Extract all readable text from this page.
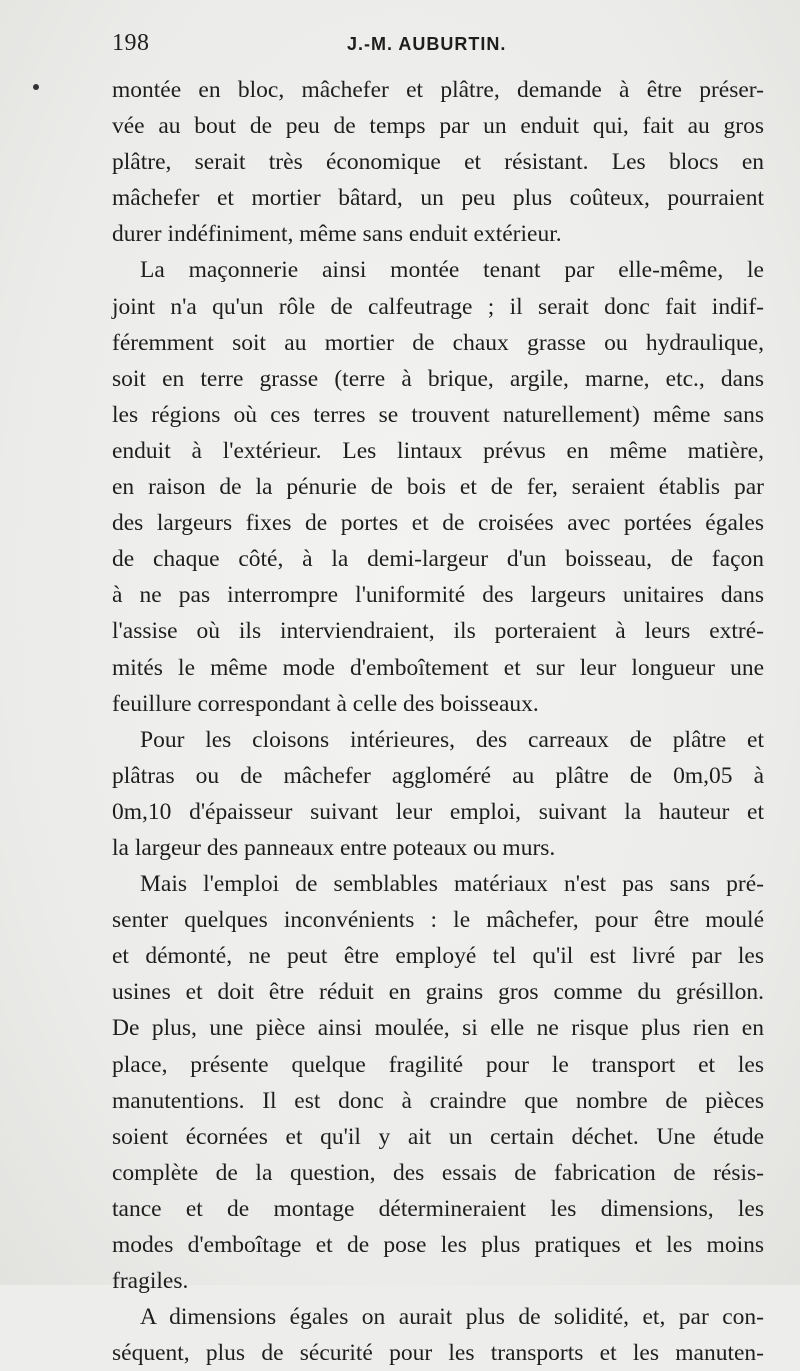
198	J.-M. AUBURTIN.
montée en bloc, mâchefer et plâtre, demande à être préser-
vée au bout de peu de temps par un enduit qui, fait au gros
plâtre, serait très économique et résistant. Les blocs en
mâchefer et mortier bâtard, un peu plus coûteux, pourraient
durer indéfiniment, même sans enduit extérieur.
La maçonnerie ainsi montée tenant par elle-même, le
joint n'a qu'un rôle de calfeutrage ; il serait donc fait indif-
féremment soit au mortier de chaux grasse ou hydraulique,
soit en terre grasse (terre à brique, argile, marne, etc., dans
les régions où ces terres se trouvent naturellement) même sans
enduit à l'extérieur. Les lintaux prévus en même matière,
en raison de la pénurie de bois et de fer, seraient établis par
des largeurs fixes de portes et de croisées avec portées égales
de chaque côté, à la demi-largeur d'un boisseau, de façon
à ne pas interrompre l'uniformité des largeurs unitaires dans
l'assise où ils interviendraient, ils porteraient à leurs extré-
mités le même mode d'emboîtement et sur leur longueur une
feuillure correspondant à celle des boisseaux.
Pour les cloisons intérieures, des carreaux de plâtre et
plâtras ou de mâchefer aggloméré au plâtre de 0m,05 à
0m,10 d'épaisseur suivant leur emploi, suivant la hauteur et
la largeur des panneaux entre poteaux ou murs.
Mais l'emploi de semblables matériaux n'est pas sans pré-
senter quelques inconvénients : le mâchefer, pour être moulé
et démonté, ne peut être employé tel qu'il est livré par les
usines et doit être réduit en grains gros comme du grésillon.
De plus, une pièce ainsi moulée, si elle ne risque plus rien en
place, présente quelque fragilité pour le transport et les
manutentions. Il est donc à craindre que nombre de pièces
soient écornées et qu'il y ait un certain déchet. Une étude
complète de la question, des essais de fabrication de résis-
tance et de montage détermineraient les dimensions, les
modes d'emboîtage et de pose les plus pratiques et les moins
fragiles.
A dimensions égales on aurait plus de solidité, et, par con-
séquent, plus de sécurité pour les transports et les manuten-
